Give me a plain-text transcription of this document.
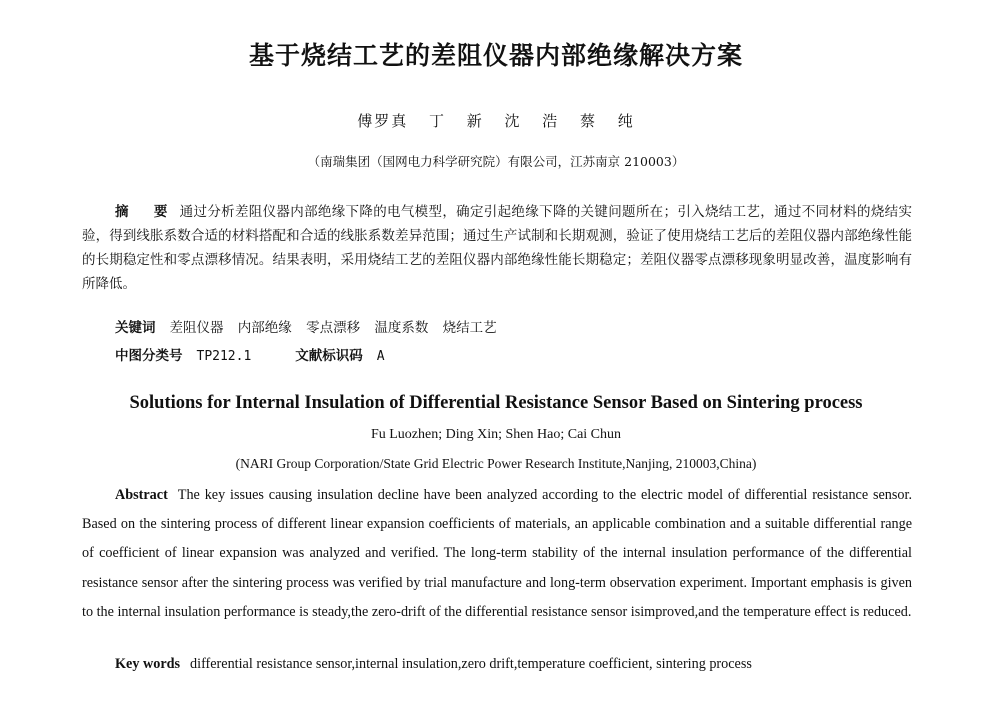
基于烧结工艺的差阻仪器内部绝缘解决方案
傅罗真 丁 新 沈 浩 蔡 纯
（南瑞集团（国网电力科学研究院）有限公司，江苏南京 210003）
摘 要 通过分析差阻仪器内部绝缘下降的电气模型，确定引起绝缘下降的关键问题所在；引入烧结工艺，通过不同材料的烧结实验，得到线胀系数合适的材料搭配和合适的线胀系数差异范围；通过生产试制和长期观测，验证了使用烧结工艺后的差阻仪器内部绝缘性能的长期稳定性和零点漂移情况。结果表明，采用烧结工艺的差阻仪器内部绝缘性能长期稳定；差阻仪器零点漂移现象明显改善，温度影响有所降低。
关键词 差阻仪器 内部绝缘 零点漂移 温度系数 烧结工艺
中图分类号 TP212.1	文献标识码 A
Solutions for Internal Insulation of Differential Resistance Sensor Based on Sintering process
Fu Luozhen; Ding Xin; Shen Hao; Cai Chun
(NARI Group Corporation/State Grid Electric Power Research Institute,Nanjing, 210003,China)
Abstract The key issues causing insulation decline have been analyzed according to the electric model of differential resistance sensor. Based on the sintering process of different linear expansion coefficients of materials, an applicable combination and a suitable differential range of coefficient of linear expansion was analyzed and verified. The long-term stability of the internal insulation performance of the differential resistance sensor after the sintering process was verified by trial manufacture and long-term observation experiment. Important emphasis is given to the internal insulation performance is steady,the zero-drift of the differential resistance sensor isimproved,and the temperature effect is reduced.
Key words differential resistance sensor,internal insulation,zero drift,temperature coefficient, sintering process
